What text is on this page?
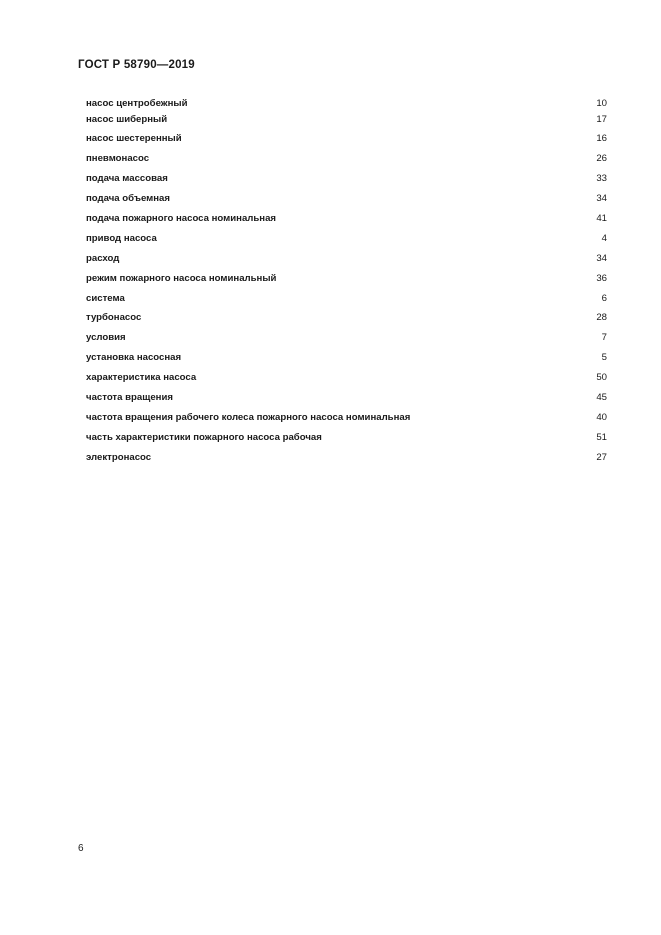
ГОСТ Р 58790—2019
насос центробежный	10
насос шиберный	17
насос шестеренный	16
пневмонасос	26
подача массовая	33
подача объемная	34
подача пожарного насоса номинальная	41
привод насоса	4
расход	34
режим пожарного насоса номинальный	36
система	6
турбонасос	28
условия	7
установка насосная	5
характеристика насоса	50
частота вращения	45
частота вращения рабочего колеса пожарного насоса номинальная	40
часть характеристики пожарного насоса рабочая	51
электронасос	27
6
